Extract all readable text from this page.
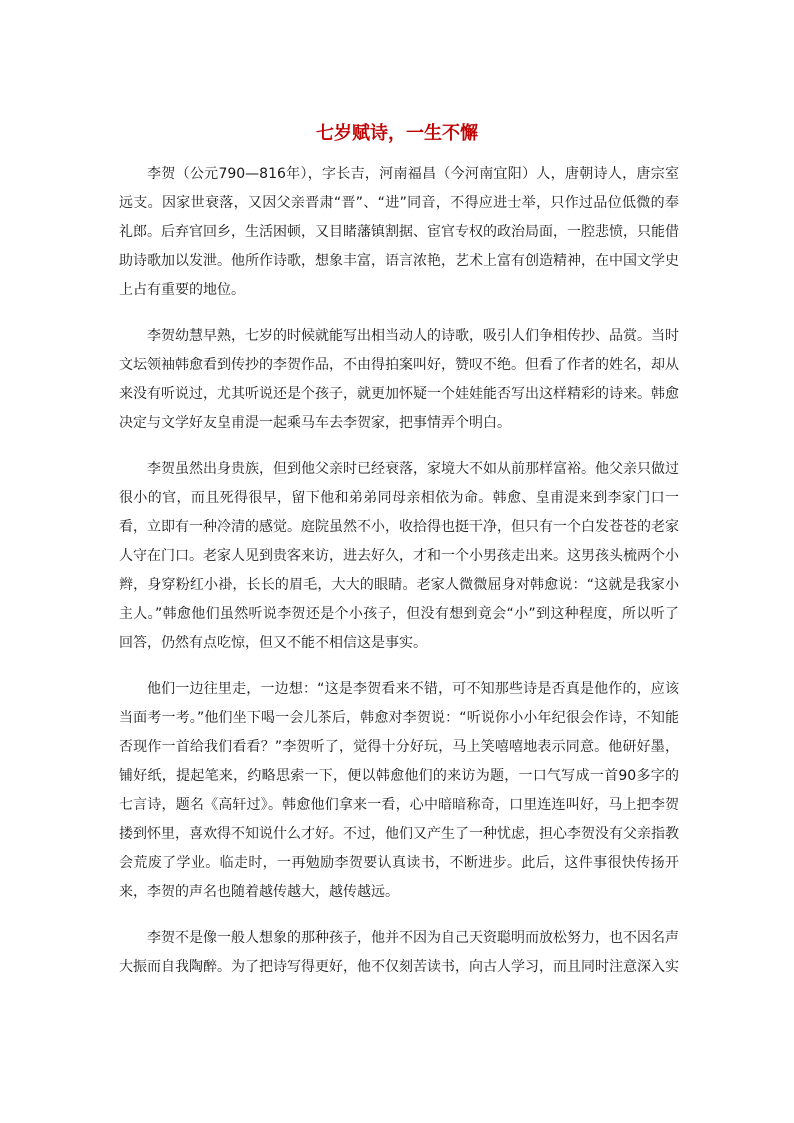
七岁赋诗，一生不懈

李贺（公元790—816年），字长吉，河南福昌（今河南宜阳）人，唐朝诗人，唐宗室远支。因家世衰落，又因父亲晋肃“晋”、“进”同音，不得应进士举，只作过品位低微的奉礼郎。后弃官回乡，生活困顿，又目睹藩镇割据、宦官专权的政治局面，一腔悲愤，只能借助诗歌加以发泄。他所作诗歌，想象丰富，语言浓艳，艺术上富有创造精神，在中国文学史上占有重要的地位。

李贺幼慧早熟，七岁的时候就能写出相当动人的诗歌，吸引人们争相传抄、品赏。当时文坛领袖韩愈看到传抄的李贺作品，不由得拍案叫好，赞叹不绝。但看了作者的姓名，却从来没有听说过，尤其听说还是个孩子，就更加怀疑一个娃娃能否写出这样精彩的诗来。韩愈决定与文学好友皇甫湜一起乘马车去李贺家，把事情弄个明白。

李贺虽然出身贵族，但到他父亲时已经衰落，家境大不如从前那样富裕。他父亲只做过很小的官，而且死得很早，留下他和弟弟同母亲相依为命。韩愈、皇甫湜来到李家门口一看，立即有一种冷清的感觉。庭院虽然不小，收拾得也挺干净，但只有一个白发苍苍的老家人守在门口。老家人见到贵客来访，进去好久，才和一个小男孩走出来。这男孩头梳两个小辫，身穿粉红小褂，长长的眉毛，大大的眼睛。老家人微微屈身对韩愈说：“这就是我家小主人。”韩愈他们虽然听说李贺还是个小孩子，但没有想到竟会“小”到这种程度，所以听了回答，仍然有点吃惊，但又不能不相信这是事实。

他们一边往里走，一边想：“这是李贺看来不错，可不知那些诗是否真是他作的，应该当面考一考。”他们坐下喝一会儿茶后，韩愈对李贺说：“听说你小小年纪很会作诗，不知能否现作一首给我们看看？”李贺听了，觉得十分好玩，马上笑嘻嘻地表示同意。他研好墨，铺好纸，提起笔来，约略思索一下，便以韩愈他们的来访为题，一口气写成一首90多字的七言诗，题名《高轩过》。韩愈他们拿来一看，心中暗暗称奇，口里连连叫好，马上把李贺搂到怀里，喜欢得不知说什么才好。不过，他们又产生了一种忧虑，担心李贺没有父亲指教会荒废了学业。临走时，一再勉励李贺要认真读书，不断进步。此后，这件事很快传扬开来，李贺的声名也随着越传越大，越传越远。

李贺不是像一般人想象的那种孩子，他并不因为自己天资聪明而放松努力，也不因名声大振而自我陶醉。为了把诗写得更好，他不仅刻苦读书，向古人学习，而且同时注意深入实
